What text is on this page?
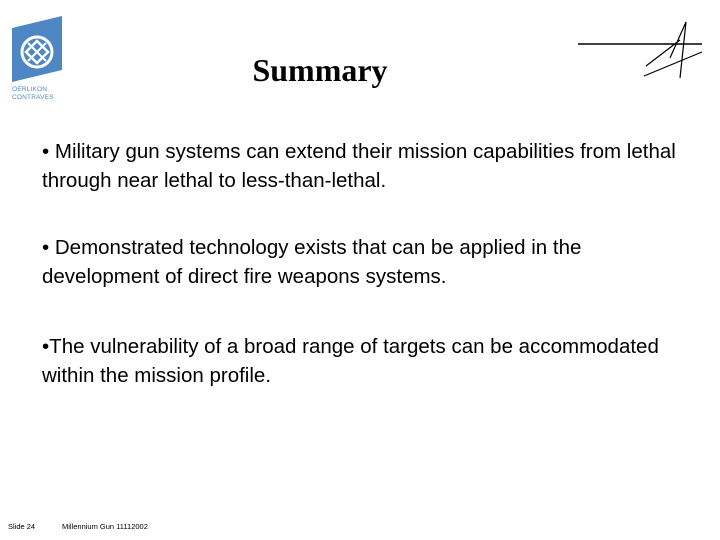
OERLIKON
CONTRAVES
Summary
• Military gun systems can extend their mission capabilities from lethal through near lethal to less-than-lethal.
• Demonstrated technology exists that can be applied in the development of direct fire weapons systems.
•The vulnerability of a broad range of targets can be accommodated within the mission profile.
Slide 24	Millennium Gun 11112002
